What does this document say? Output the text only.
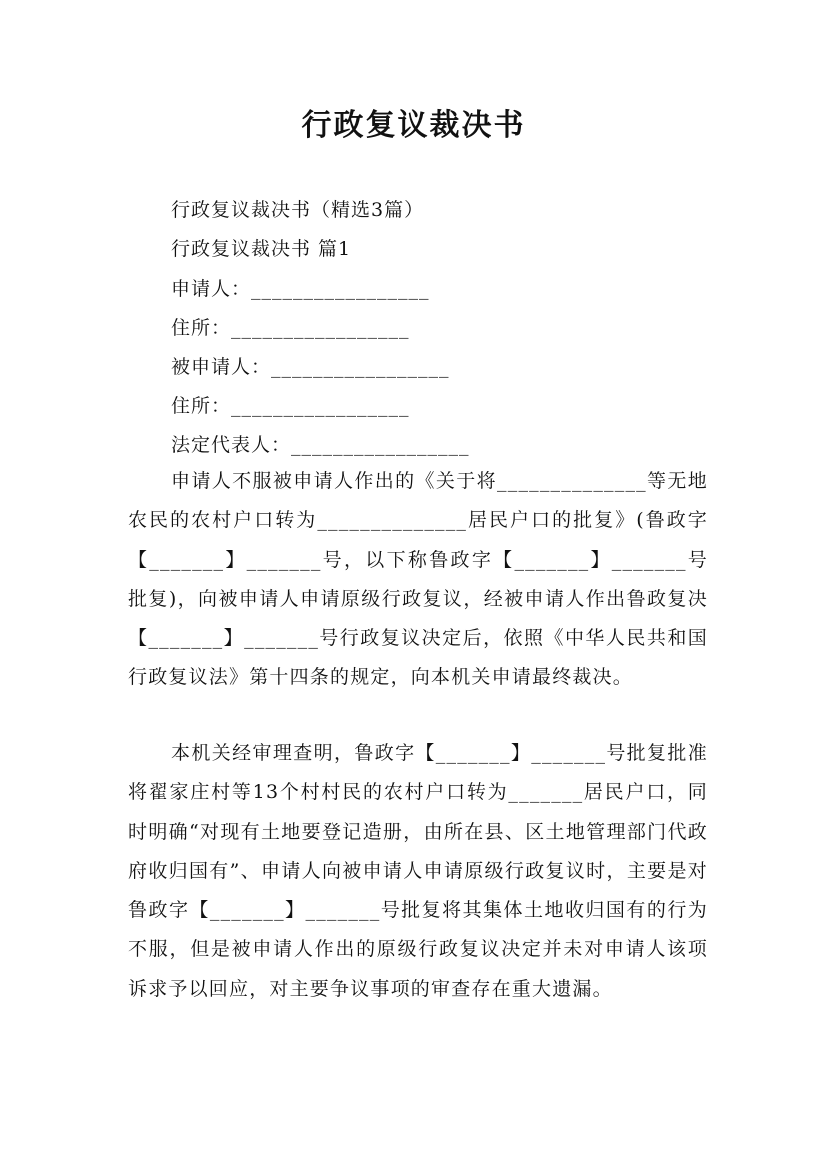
行政复议裁决书
行政复议裁决书（精选3篇）
行政复议裁决书 篇1
申请人：_________________
住所：_________________
被申请人：_________________
住所：_________________
法定代表人：_________________

申请人不服被申请人作出的《关于将______________等无地农民的农村户口转为______________居民户口的批复》(鲁政字【_______】_______号，以下称鲁政字【_______】_______号批复)，向被申请人申请原级行政复议，经被申请人作出鲁政复决【_______】_______号行政复议决定后，依照《中华人民共和国行政复议法》第十四条的规定，向本机关申请最终裁决。

本机关经审理查明，鲁政字【_______】_______号批复批准将翟家庄村等13个村村民的农村户口转为_______居民户口，同时明确“对现有土地要登记造册，由所在县、区土地管理部门代政府收归国有”、申请人向被申请人申请原级行政复议时，主要是对鲁政字【_______】_______号批复将其集体土地收归国有的行为不服，但是被申请人作出的原级行政复议决定并未对申请人该项诉求予以回应，对主要争议事项的审查存在重大遗漏。
